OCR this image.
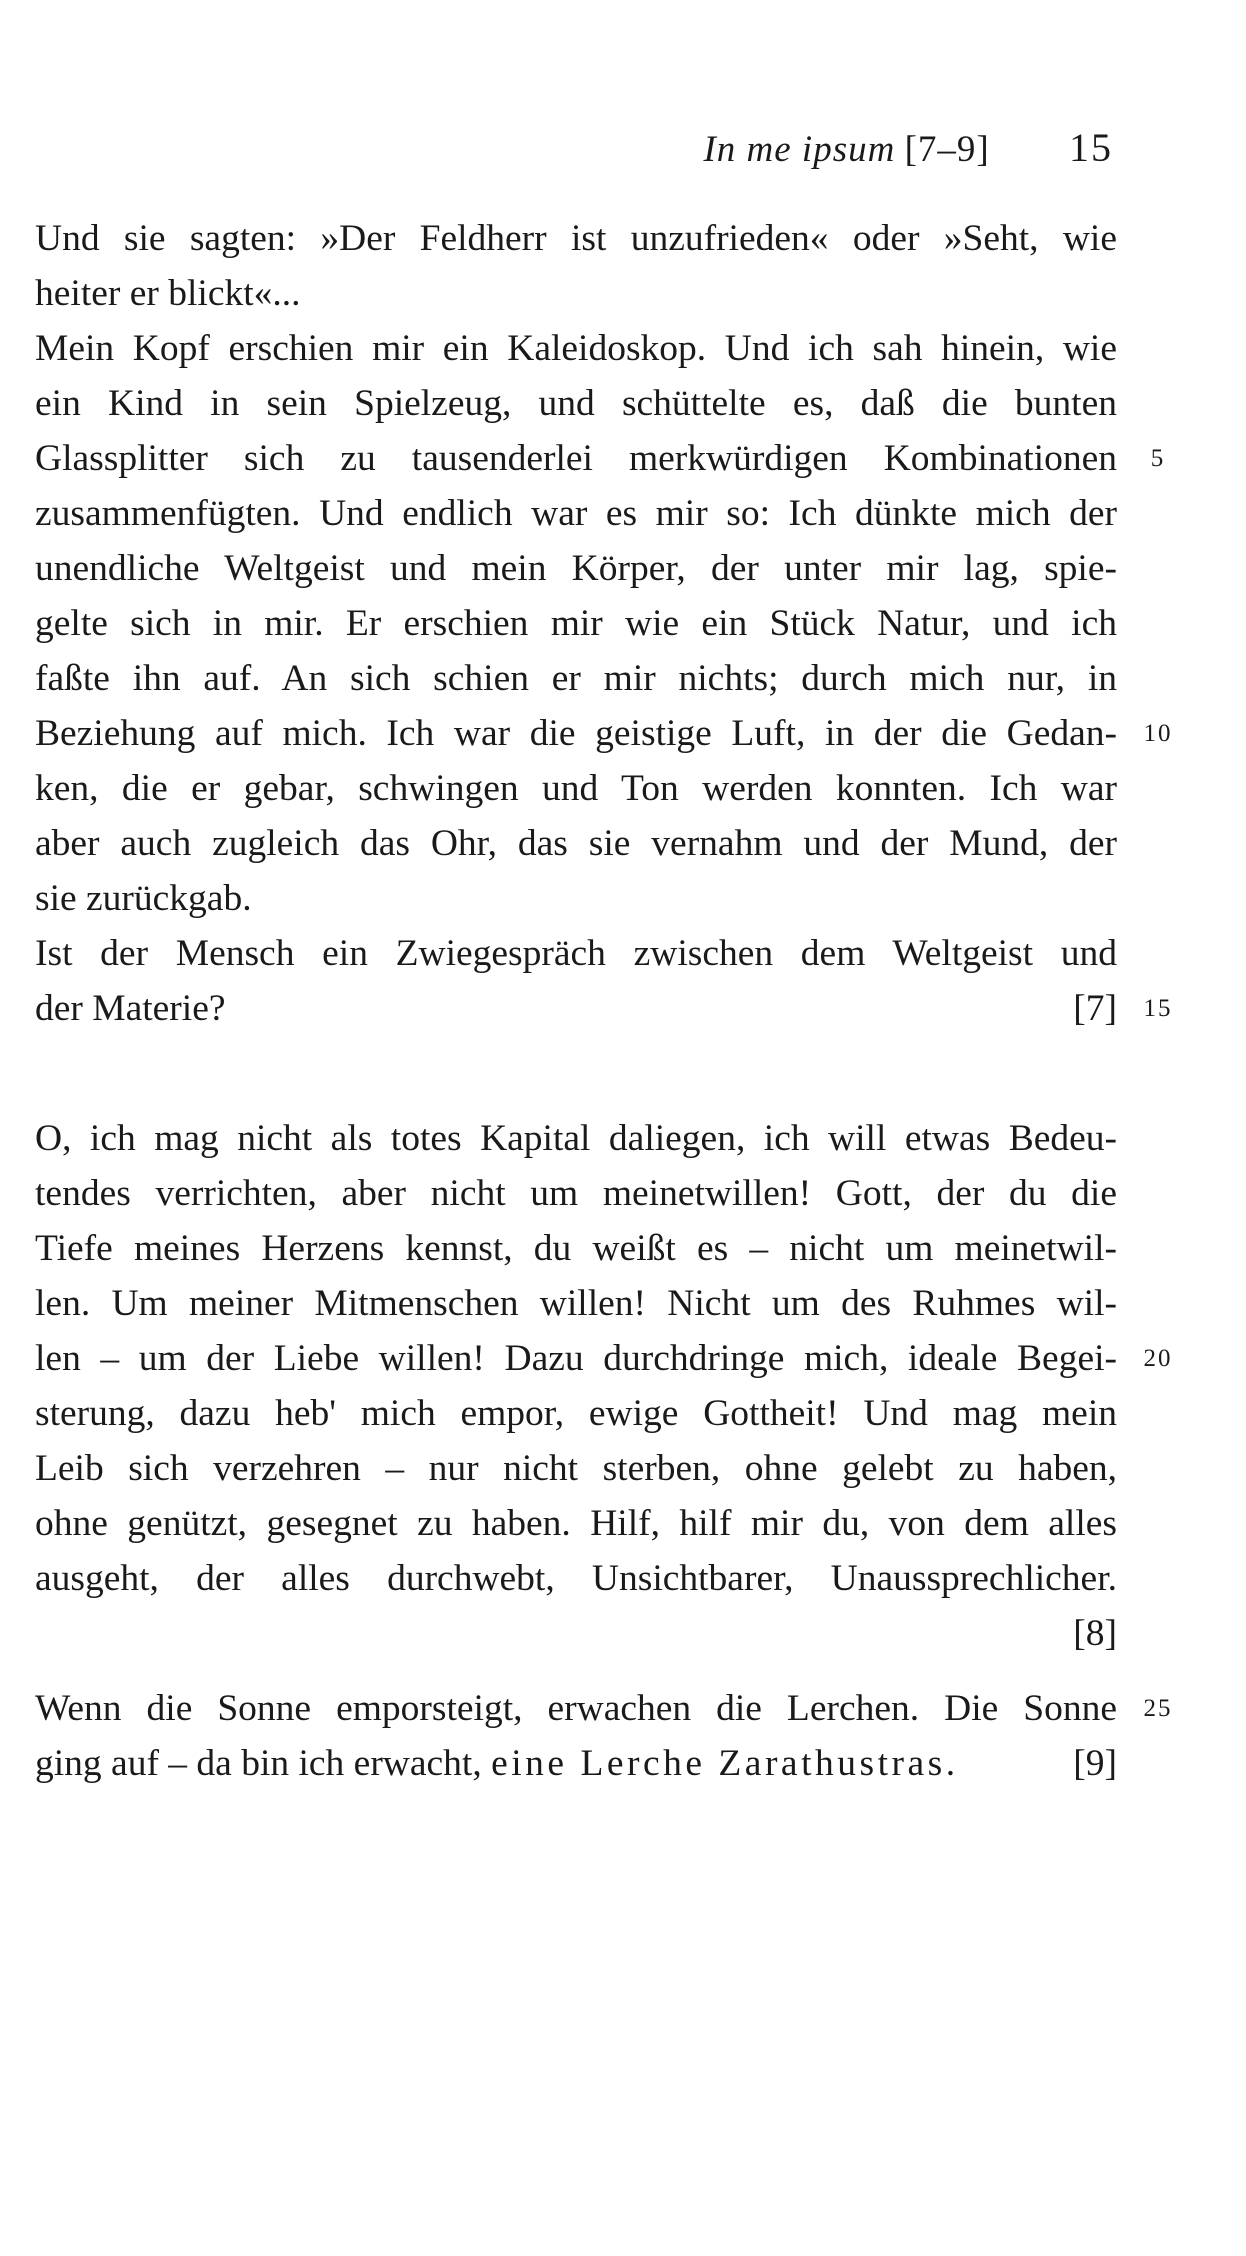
In me ipsum [7–9] 15
Und sie sagten: »Der Feldherr ist unzufrieden« oder »Seht, wie
heiter er blickt«...
Mein Kopf erschien mir ein Kaleidoskop. Und ich sah hinein, wie
ein Kind in sein Spielzeug, und schüttelte es, daß die bunten
Glassplitter sich zu tausenderlei merkwürdigen Kombinationen
zusammenfügten. Und endlich war es mir so: Ich dünkte mich der
unendliche Weltgeist und mein Körper, der unter mir lag, spie-
gelte sich in mir. Er erschien mir wie ein Stück Natur, und ich
faßte ihn auf. An sich schien er mir nichts; durch mich nur, in
Beziehung auf mich. Ich war die geistige Luft, in der die Gedan-
ken, die er gebar, schwingen und Ton werden konnten. Ich war
aber auch zugleich das Ohr, das sie vernahm und der Mund, der
sie zurückgab.
Ist der Mensch ein Zwiegespräch zwischen dem Weltgeist und
der Materie?	[7]
O, ich mag nicht als totes Kapital daliegen, ich will etwas Bedeu-
tendes verrichten, aber nicht um meinetwillen! Gott, der du die
Tiefe meines Herzens kennst, du weißt es – nicht um meinetwil-
len. Um meiner Mitmenschen willen! Nicht um des Ruhmes wil-
len – um der Liebe willen! Dazu durchdringe mich, ideale Begei-
sterung, dazu heb' mich empor, ewige Gottheit! Und mag mein
Leib sich verzehren – nur nicht sterben, ohne gelebt zu haben,
ohne genützt, gesegnet zu haben. Hilf, hilf mir du, von dem alles
ausgeht, der alles durchwebt, Unsichtbarer, Unaussprechlicher.
[8]
Wenn die Sonne emporsteigt, erwachen die Lerchen. Die Sonne
ging auf – da bin ich erwacht, eine Lerche Zarathustras.	[9]
5
10
15
20
25
